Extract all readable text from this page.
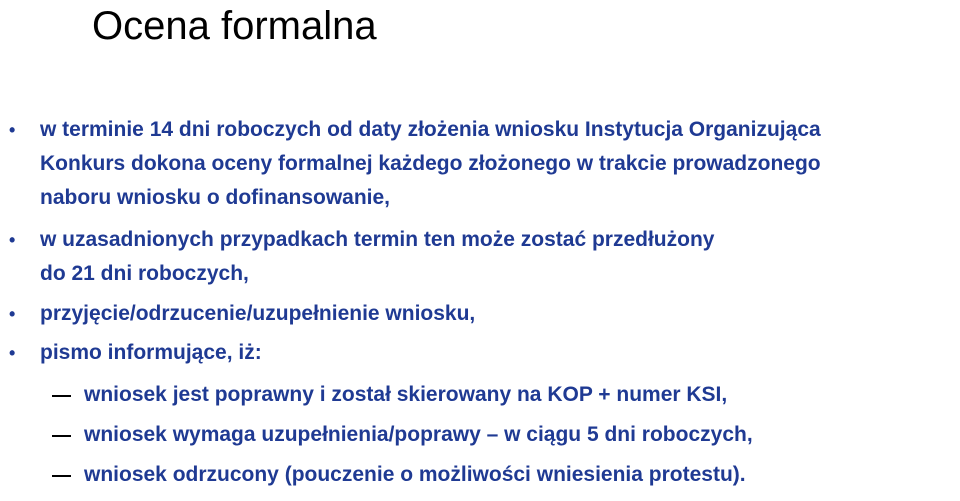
Ocena formalna
• w terminie 14 dni roboczych od daty złożenia wniosku Instytucja Organizująca
Konkurs dokona oceny formalnej każdego złożonego w trakcie prowadzonego
naboru wniosku o dofinansowanie,
• w uzasadnionych przypadkach termin ten może zostać przedłużony
do 21 dni roboczych,
• przyjęcie/odrzucenie/uzupełnienie wniosku,
• pismo informujące, iż:
wniosek jest poprawny i został skierowany na KOP + numer KSI,
wniosek wymaga uzupełnienia/poprawy – w ciągu 5 dni roboczych,
wniosek odrzucony (pouczenie o możliwości wniesienia protestu).
